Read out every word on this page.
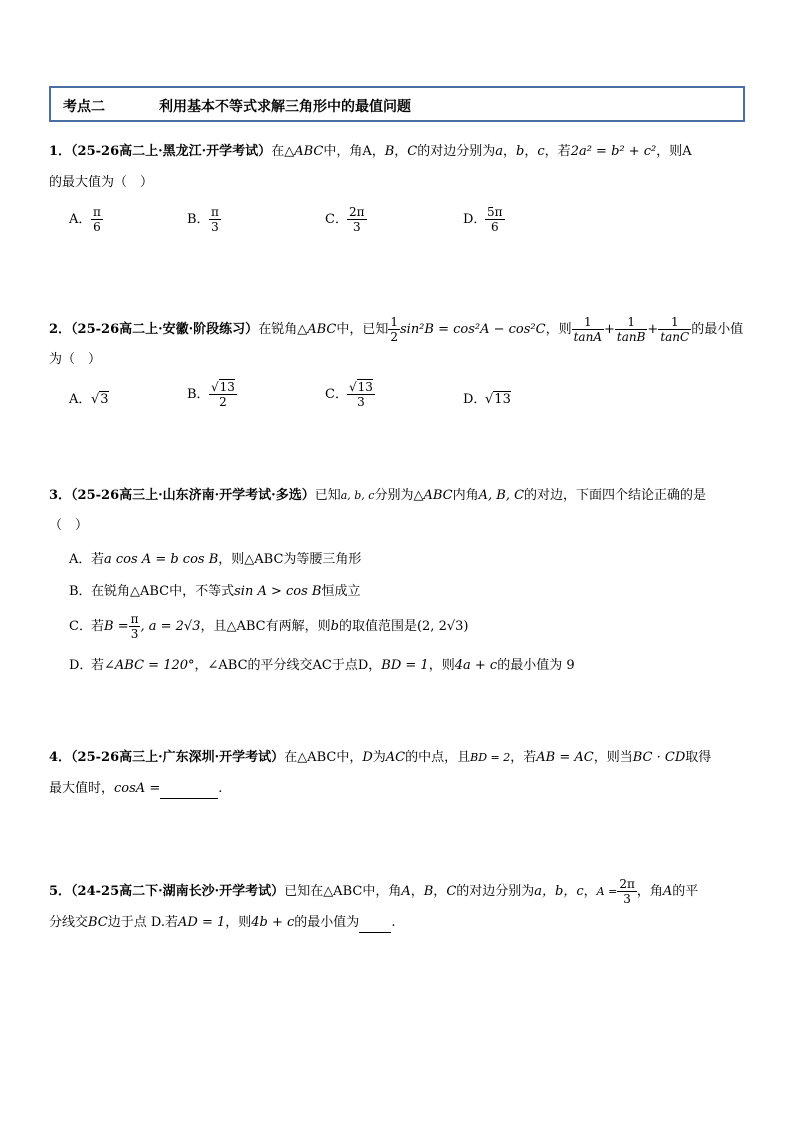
考点二	利用基本不等式求解三角形中的最值问题
1．（25-26高二上·黑龙江·开学考试）在△ABC中，角A，B，C的对边分别为a，b，c，若2a² = b² + c²，则A
的最大值为（　）
A． $\frac{\pi}{6}$	B． $\frac{\pi}{3}$	C． $\frac{2\pi}{3}$	D．
$\frac{5\pi}{6}$
2．（25-26高二上·安徽·阶段练习）在锐角△ABC中，已知 $\frac{1}{2} \sin^2B = \cos^2A - \cos^2C$，则 $\frac{1}{\tan A} + \frac{1}{\tan B} + \frac{1}{\tan C}$ 的最小值
为（　）
A．√3	B． $\frac{√13}{2}$	C． $\frac{√13}{3}$	D．√13
3．（25-26高三上·山东济南·开学考试·多选）已知a, b, c分别为△ABC内角A, B, C的对边，下面四个结论正确的是
（　）
A．若a cos A = b cos B，则△ABC为等腰三角形
B．在锐角△ABC中，不等式sin A > cos B恒成立
C．若$B = \frac{\pi}{3}$ , a = 2√3，且△ABC有两解，则b的取值范围是(2, 2√3)
D．若∠ABC = 120°，∠ABC的平分线交AC于点D，BD = 1，则4a + c的最小值为 9
4．（25-26高三上·广东深圳·开学考试）在△ABC中，D为AC的中点，且BD = 2，若AB = AC，则当BC · CD取得
最大值时，cosA =	.
5．（24-25高二下·湖南长沙·开学考试）已知在△ABC中，角A，B，C的对边分别为a，b，c，$A = \frac{2\pi}{3}$ ，角A的平
分线交BC边于点 D.若AD = 1，则4b + c的最小值为 .
